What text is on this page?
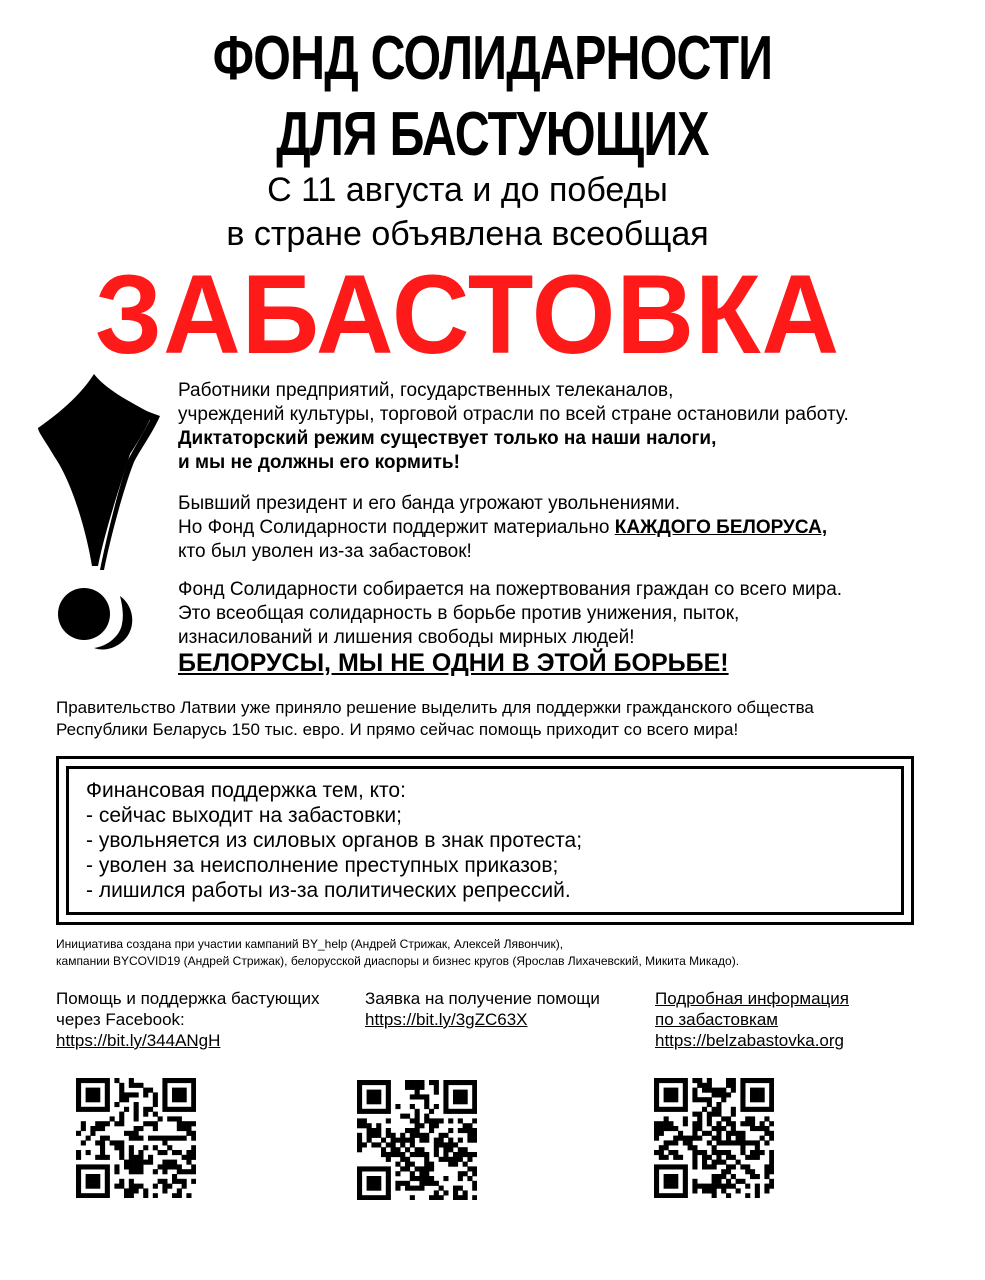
ФОНД СОЛИДАРНОСТИ
ДЛЯ БАСТУЮЩИХ
С 11 августа и до победы
в стране объявлена всеобщая
ЗАБАСТОВКА

Работники предприятий, государственных телеканалов,

учреждений культуры, торговой отрасли по всей стране остановили работу.

Диктаторский режим существует только на наши налоги,

и мы не должны его кормить!

Бывший президент и его банда угрожают увольнениями.

Но Фонд Солидарности поддержит материально КАЖДОГО БЕЛОРУСА,

кто был уволен из-за забастовок!

Фонд Солидарности собирается на пожертвования граждан со всего мира.

Это всеобщая солидарность в борьбе против унижения, пыток,

изнасилований и лишения свободы мирных людей!

БЕЛОРУСЫ, МЫ НЕ ОДНИ В ЭТОЙ БОРЬБЕ!
Правительство Латвии уже приняло решение выделить для поддержки гражданского общества
Республики Беларусь 150 тыс. евро. И прямо сейчас помощь приходит со всего мира!
Финансовая поддержка тем, кто:
- сейчас выходит на забастовки;
- увольняется из силовых органов в знак протеста;
- уволен за неисполнение преступных приказов;
- лишился работы из-за политических репрессий.
Инициатива создана при участии кампаний BY_help (Андрей Стрижак, Алексей Лявончик),
кампании BYCOVID19 (Андрей Стрижак), белорусской диаспоры и бизнес кругов (Ярослав Лихачевский, Микита Микадо).
Помощь и поддержка бастующих
через Facebook:
https://bit.ly/344ANgH
Заявка на получение помощи
https://bit.ly/3gZC63X
Подробная информация
по забастовкам
https://belzabastovka.org
